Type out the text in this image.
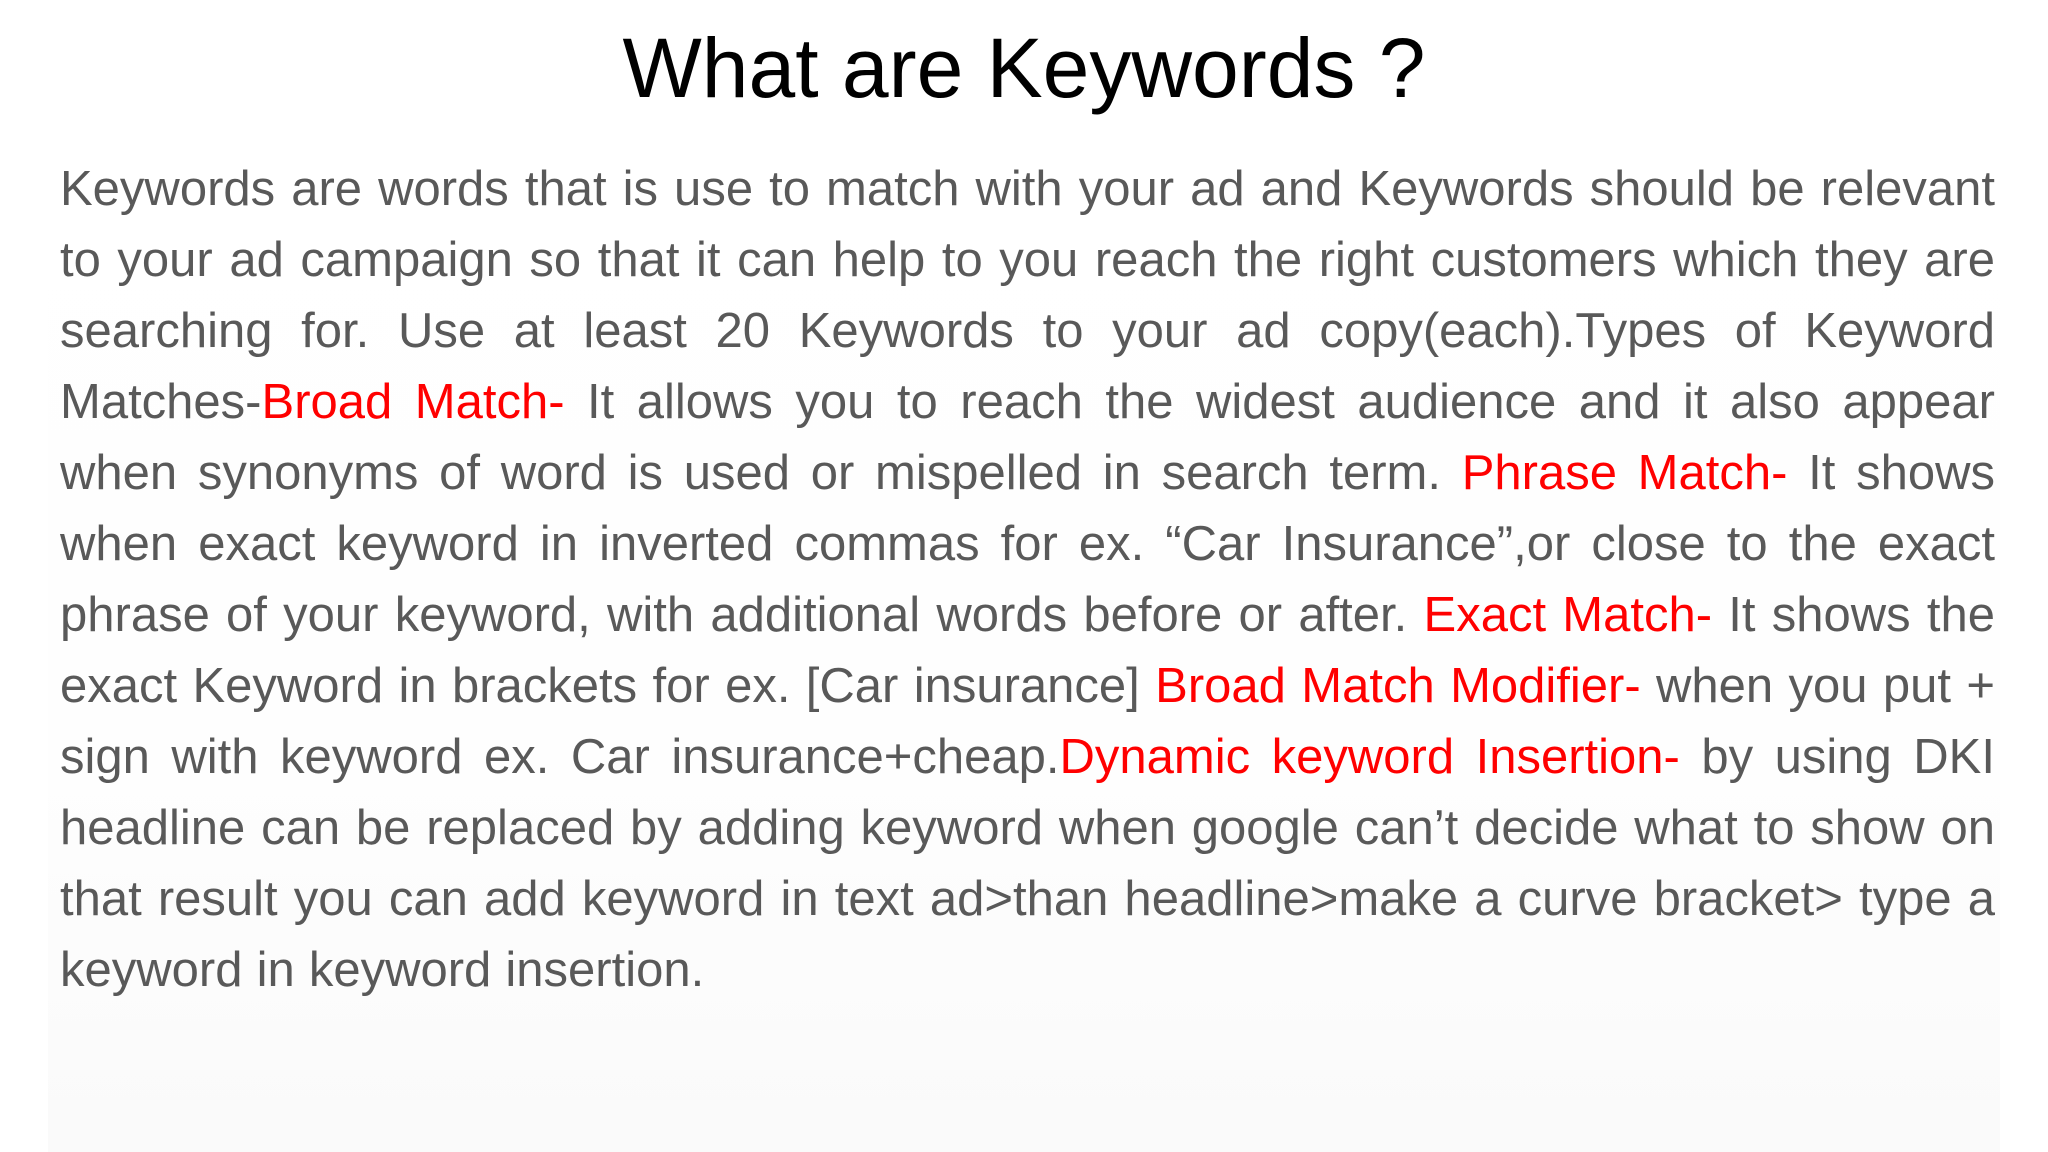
What are Keywords ?

Keywords are words that is use to match with your ad and Keywords should be relevant to your ad campaign so that it can help to you reach the right customers which they are searching for. Use at least 20 Keywords to your ad copy(each).Types of Keyword Matches-Broad Match- It allows you to reach the widest audience and it also appear when synonyms of word is used or mispelled in search term. Phrase Match- It shows when exact keyword in inverted commas for ex. “Car Insurance”,or close to the exact phrase of your keyword, with additional words before or after. Exact Match- It shows the exact Keyword in brackets for ex. [Car insurance] Broad Match Modifier- when you put + sign with keyword ex. Car insurance+cheap.Dynamic keyword Insertion- by using DKI headline can be replaced by adding keyword when google can’t decide what to show on that result you can add keyword in text ad>than headline>make a curve bracket> type a keyword in keyword insertion.
